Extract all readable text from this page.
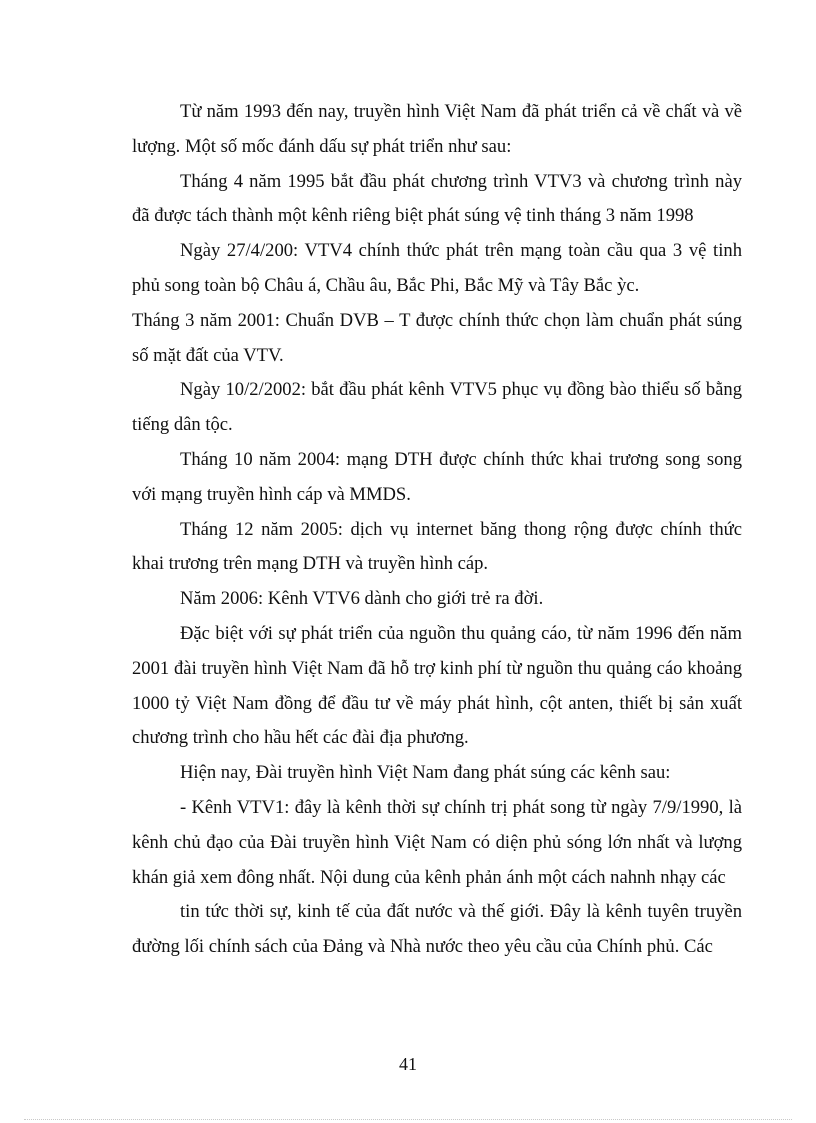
Từ năm 1993 đến nay, truyền hình Việt Nam đã phát triển cả về chất và về lượng. Một số mốc đánh dấu sự phát triển như sau:

Tháng 4 năm 1995 bắt đầu phát chương trình VTV3 và chương trình này đã được tách thành một kênh riêng biệt phát súng vệ tinh tháng 3 năm 1998

Ngày 27/4/200: VTV4 chính thức phát trên mạng toàn cầu qua 3 vệ tinh phủ song toàn bộ Châu á, Chầu âu, Bắc Phi, Bắc Mỹ và Tây Bắc ỳc.

Tháng 3 năm 2001: Chuẩn DVB – T được chính thức chọn làm chuẩn phát súng số mặt đất của VTV.

Ngày 10/2/2002: bắt đầu phát kênh VTV5 phục vụ đồng bào thiểu số bằng tiếng dân tộc.

Tháng 10 năm 2004: mạng DTH được chính thức khai trương song song với mạng truyền hình cáp và MMDS.

Tháng 12 năm 2005: dịch vụ internet băng thong rộng được chính thức khai trương trên mạng DTH và truyền hình cáp.

Năm 2006: Kênh VTV6 dành cho giới trẻ ra đời.

Đặc biệt với sự phát triển của nguồn thu quảng cáo, từ năm 1996 đến năm 2001 đài truyền hình Việt Nam đã hỗ trợ kinh phí từ nguồn thu quảng cáo khoảng 1000 tỷ Việt Nam đồng để đầu tư về máy phát hình, cột anten, thiết bị sản xuất chương trình cho hầu hết các đài địa phương.

Hiện nay, Đài truyền hình Việt Nam đang phát súng các kênh sau:

- Kênh VTV1: đây là kênh thời sự chính trị phát song từ ngày 7/9/1990, là kênh chủ đạo của Đài truyền hình Việt Nam có diện phủ sóng lớn nhất và lượng khán giả xem đông nhất. Nội dung của kênh phản ánh một cách nahnh nhạy các

tin tức thời sự, kinh tế của đất nước và thế giới. Đây là kênh tuyên truyền đường lối chính sách của Đảng và Nhà nước theo yêu cầu của Chính phủ. Các

41
